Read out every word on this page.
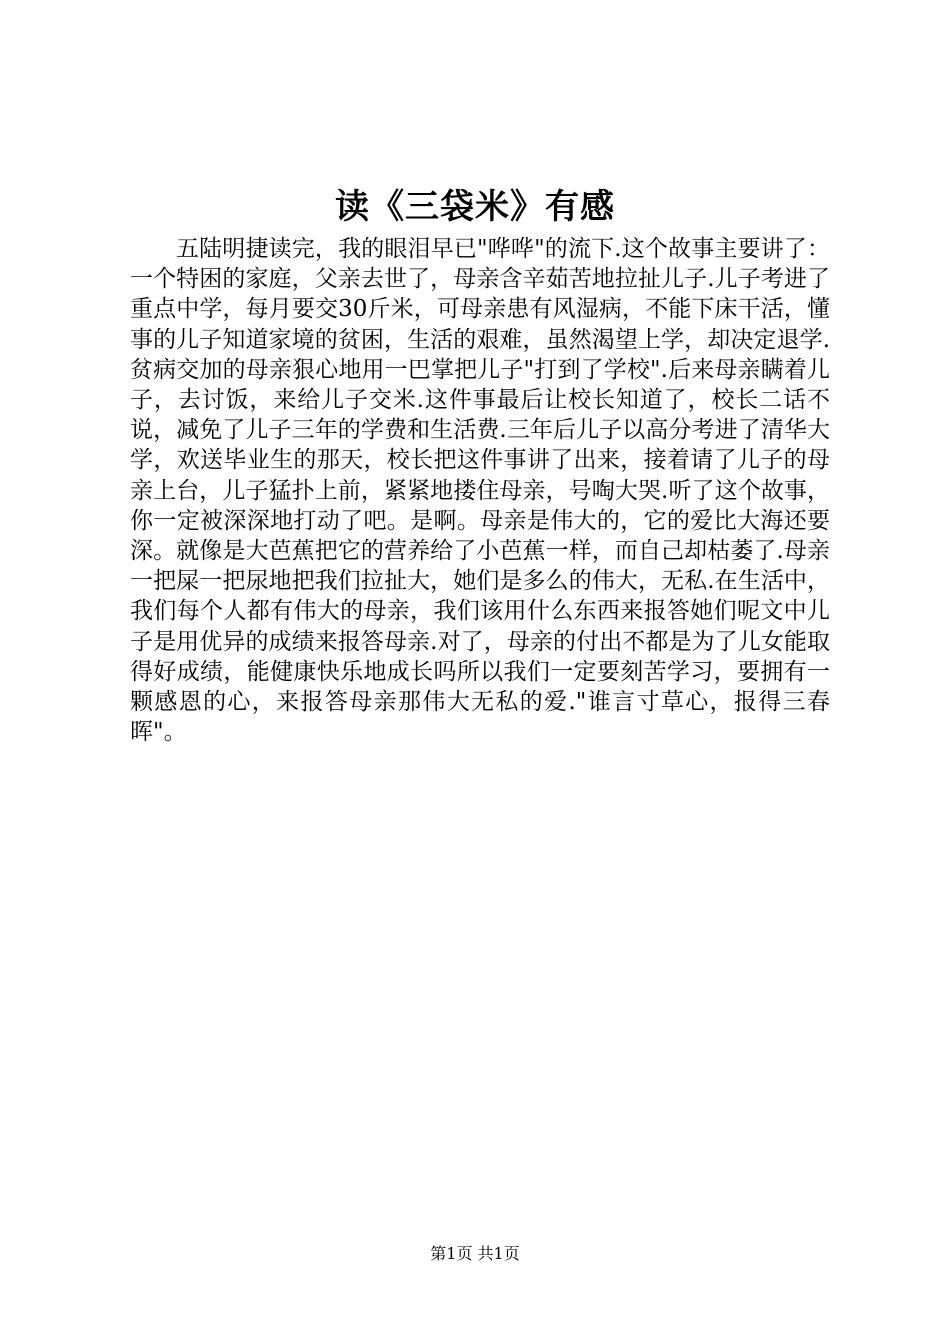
读《三袋米》有感

五陆明捷读完，我的眼泪早已"哗哗"的流下.这个故事主要讲了：一个特困的家庭，父亲去世了，母亲含辛茹苦地拉扯儿子.儿子考进了重点中学，每月要交30斤米，可母亲患有风湿病，不能下床干活，懂事的儿子知道家境的贫困，生活的艰难，虽然渴望上学，却决定退学.贫病交加的母亲狠心地用一巴掌把儿子"打到了学校".后来母亲瞒着儿子，去讨饭，来给儿子交米.这件事最后让校长知道了，校长二话不说，减免了儿子三年的学费和生活费.三年后儿子以高分考进了清华大学，欢送毕业生的那天，校长把这件事讲了出来，接着请了儿子的母亲上台，儿子猛扑上前，紧紧地搂住母亲，号啕大哭.听了这个故事，你一定被深深地打动了吧。是啊。母亲是伟大的，它的爱比大海还要深。就像是大芭蕉把它的营养给了小芭蕉一样，而自己却枯萎了.母亲一把屎一把尿地把我们拉扯大，她们是多么的伟大，无私.在生活中，我们每个人都有伟大的母亲，我们该用什么东西来报答她们呢文中儿子是用优异的成绩来报答母亲.对了，母亲的付出不都是为了儿女能取得好成绩，能健康快乐地成长吗所以我们一定要刻苦学习，要拥有一颗感恩的心，来报答母亲那伟大无私的爱."谁言寸草心，报得三春晖"。

第1页 共1页
